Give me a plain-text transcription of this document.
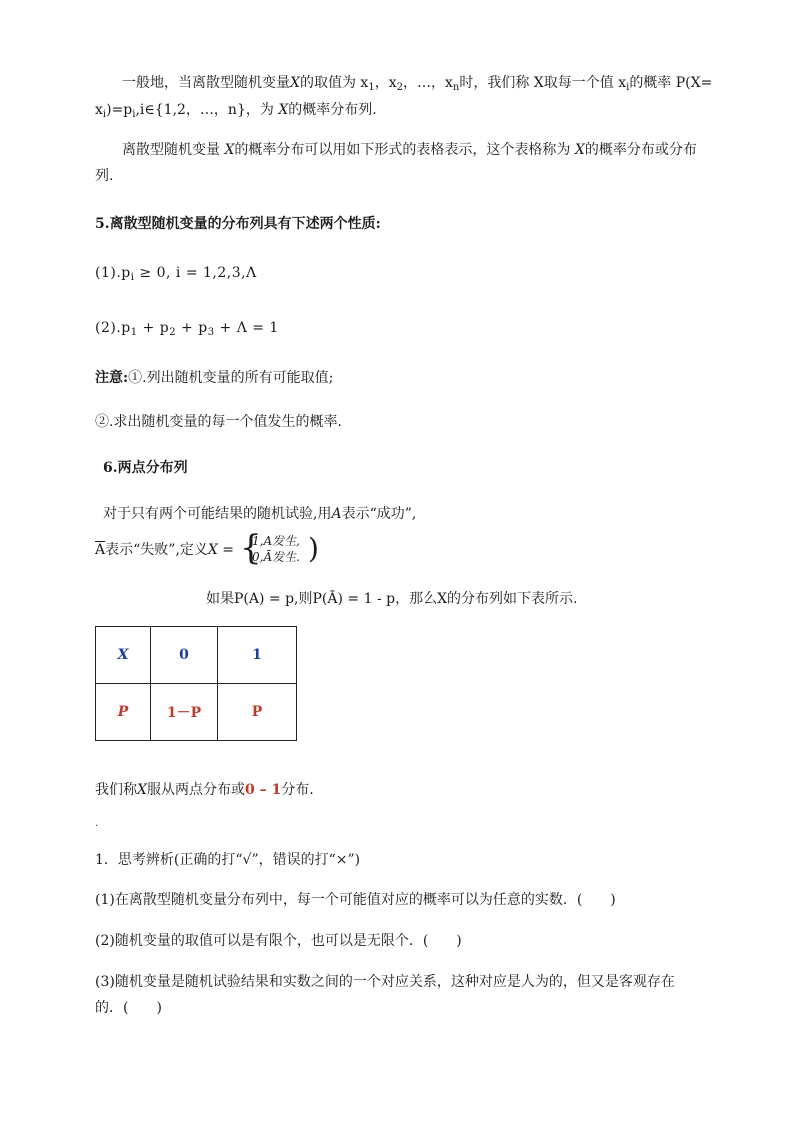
一般地，当离散型随机变量X的取值为 $x_1$，$x_2$，…，$x_n$时，我们称 X取每一个值 $x_i$的概率 P(X=
$x_i)=p_i,i\in\{1,2$，…，n}，为 X的概率分布列.
离散型随机变量 X的概率分布可以用如下形式的表格表示，这个表格称为 X的概率分布或分布
列.
5.离散型随机变量的分布列具有下述两个性质:
$(1).p_i \ge 0$, i = 1,2,3,Λ
$(2).p_1 + p_2 + p_3 + \Lambda = 1$
注意:①.列出随机变量的所有可能取值;
②.求出随机变量的每一个值发生的概率.
6.两点分布列
对于只有两个可能结果的随机试验,用A表示“成功”,
$\overline{A}$表示“失败”,定义X = {
1,A发生,
0,Ā发生. )
如果P(A) = p,则P(Ā) = 1 - p，那么X的分布列如下表所示.
X	0	1
P	1－P	P
我们称X服从两点分布或0 – 1分布.
.
1．思考辨析(正确的打“√”，错误的打“×”)
(1)在离散型随机变量分布列中，每一个可能值对应的概率可以为任意的实数．(　　)
(2)随机变量的取值可以是有限个，也可以是无限个．(　　)
(3)随机变量是随机试验结果和实数之间的一个对应关系，这种对应是人为的，但又是客观存在
的．(　　)
